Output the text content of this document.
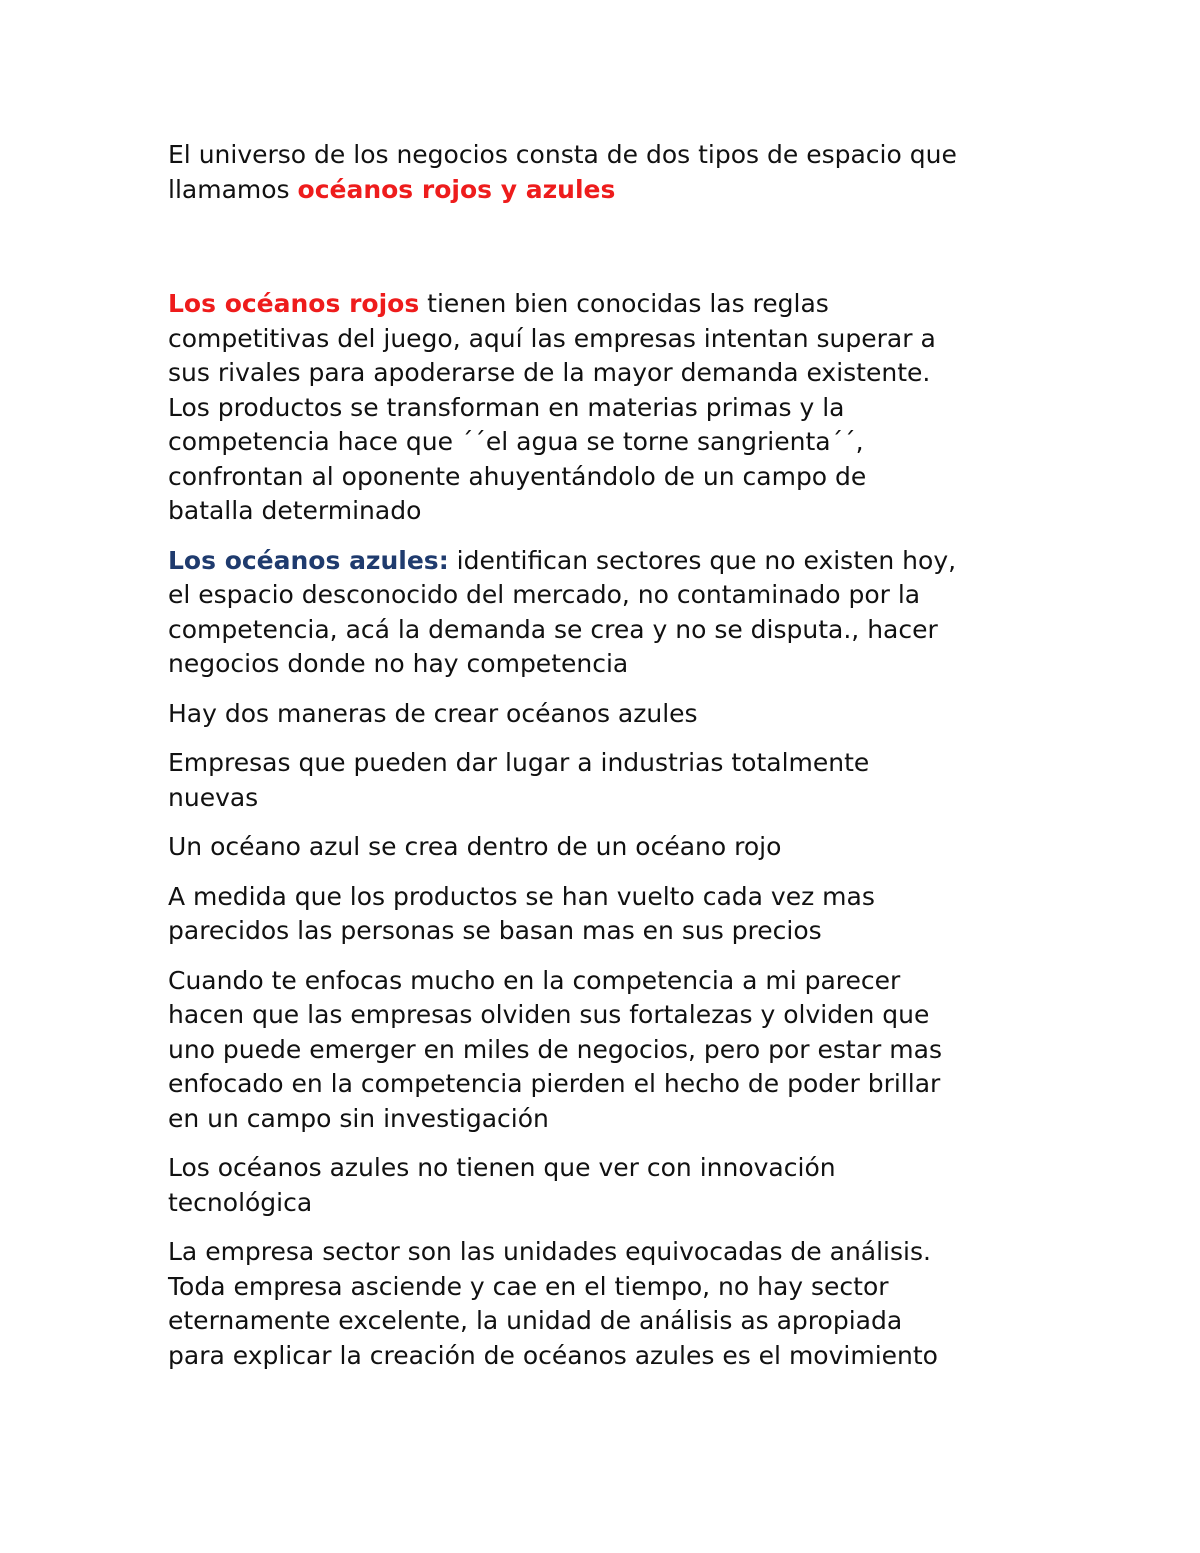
El universo de los negocios consta de dos tipos de espacio que
llamamos océanos rojos y azules

Los océanos rojos tienen bien conocidas las reglas
competitivas del juego, aquí las empresas intentan superar a
sus rivales para apoderarse de la mayor demanda existente.
Los productos se transforman en materias primas y la
competencia hace que ´´el agua se torne sangrienta´´,
confrontan al oponente ahuyentándolo de un campo de
batalla determinado

Los océanos azules: identifican sectores que no existen hoy,
el espacio desconocido del mercado, no contaminado por la
competencia, acá la demanda se crea y no se disputa., hacer
negocios donde no hay competencia

Hay dos maneras de crear océanos azules

Empresas que pueden dar lugar a industrias totalmente
nuevas

Un océano azul se crea dentro de un océano rojo

A medida que los productos se han vuelto cada vez mas
parecidos las personas se basan mas en sus precios

Cuando te enfocas mucho en la competencia a mi parecer
hacen que las empresas olviden sus fortalezas y olviden que
uno puede emerger en miles de negocios, pero por estar mas
enfocado en la competencia pierden el hecho de poder brillar
en un campo sin investigación

Los océanos azules no tienen que ver con innovación
tecnológica

La empresa sector son las unidades equivocadas de análisis.
Toda empresa asciende y cae en el tiempo, no hay sector
eternamente excelente, la unidad de análisis as apropiada
para explicar la creación de océanos azules es el movimiento
